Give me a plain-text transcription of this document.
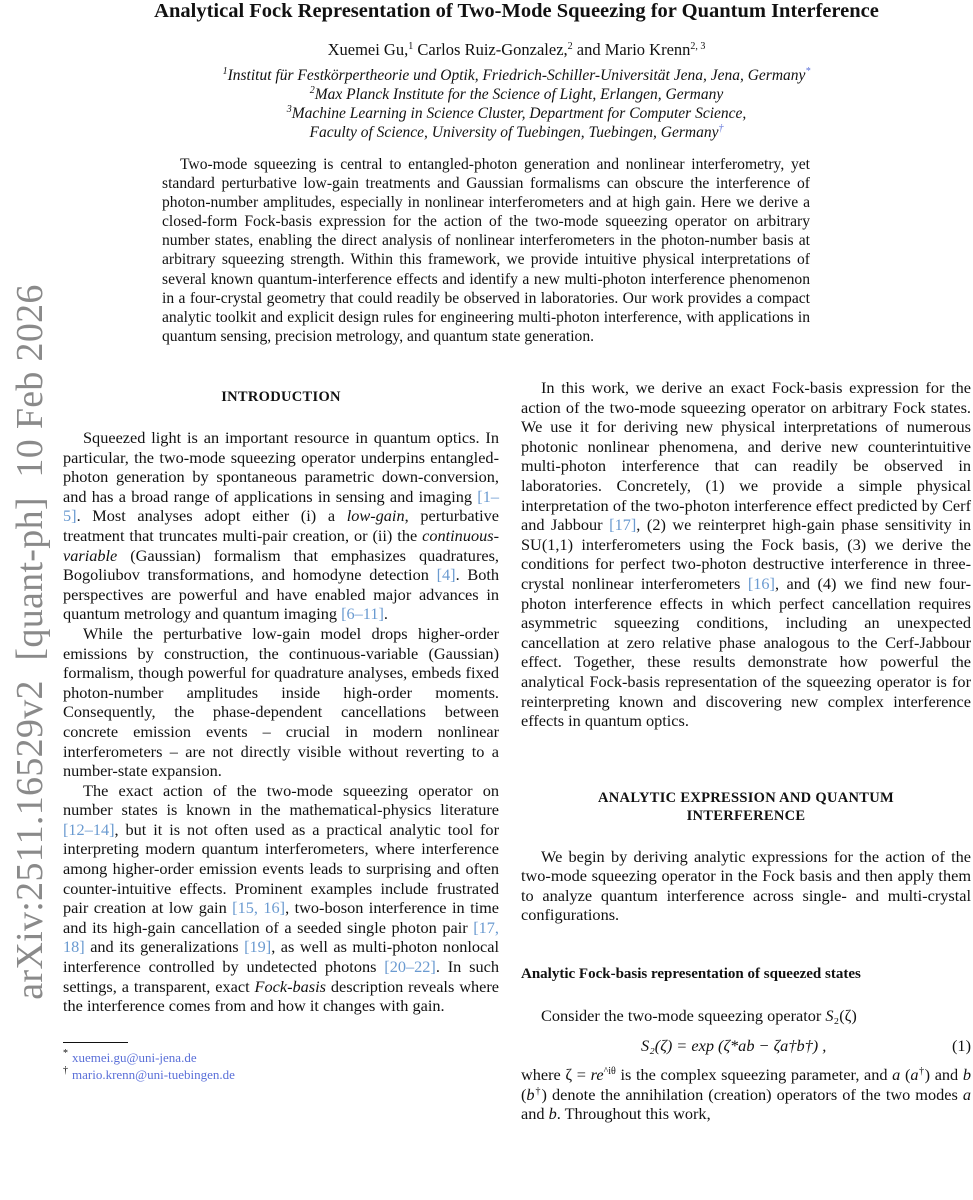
arXiv:2511.16529v2  [quant-ph]  10 Feb 2026
Analytical Fock Representation of Two-Mode Squeezing for Quantum Interference
Xuemei Gu,$^1$ Carlos Ruiz-Gonzalez,$^2$ and Mario Krenn$^{2, 3}$
$^1$Institut für Festkörpertheorie und Optik, Friedrich-Schiller-Universität Jena, Jena, Germany*
$^2$Max Planck Institute for the Science of Light, Erlangen, Germany
$^3$Machine Learning in Science Cluster, Department for Computer Science,
Faculty of Science, University of Tuebingen, Tuebingen, Germany†
Two-mode squeezing is central to entangled-photon generation and nonlinear interferometry, yet standard perturbative low-gain treatments and Gaussian formalisms can obscure the interference of photon-number amplitudes, especially in nonlinear interferometers and at high gain. Here we derive a closed-form Fock-basis expression for the action of the two-mode squeezing operator on arbitrary number states, enabling the direct analysis of nonlinear interferometers in the photon-number basis at arbitrary squeezing strength. Within this framework, we provide intuitive physical interpretations of several known quantum-interference effects and identify a new multi-photon interference phenomenon in a four-crystal geometry that could readily be observed in laboratories. Our work provides a compact analytic toolkit and explicit design rules for engineering multi-photon interference, with applications in quantum sensing, precision metrology, and quantum state generation.
INTRODUCTION

Squeezed light is an important resource in quantum optics. In particular, the two-mode squeezing operator underpins entangled-photon generation by spontaneous parametric down-conversion, and has a broad range of applications in sensing and imaging [1–5]. Most analyses adopt either (i) a low-gain, perturbative treatment that truncates multi-pair creation, or (ii) the continuous-variable (Gaussian) formalism that emphasizes quadratures, Bogoliubov transformations, and homodyne detection [4]. Both perspectives are powerful and have enabled major advances in quantum metrology and quantum imaging [6–11].

While the perturbative low-gain model drops higher-order emissions by construction, the continuous-variable (Gaussian) formalism, though powerful for quadrature analyses, embeds fixed photon-number amplitudes inside high-order moments. Consequently, the phase-dependent cancellations between concrete emission events – crucial in modern nonlinear interferometers – are not directly visible without reverting to a number-state expansion.

The exact action of the two-mode squeezing operator on number states is known in the mathematical-physics literature [12–14], but it is not often used as a practical analytic tool for interpreting modern quantum interferometers, where interference among higher-order emission events leads to surprising and often counter-intuitive effects. Prominent examples include frustrated pair creation at low gain [15, 16], two-boson interference in time and its high-gain cancellation of a seeded single photon pair [17, 18] and its generalizations [19], as well as multi-photon nonlocal interference controlled by undetected photons [20–22]. In such settings, a transparent, exact Fock-basis description reveals where the interference comes from and how it changes with gain.

* xuemei.gu@uni-jena.de
† mario.krenn@uni-tuebingen.de

In this work, we derive an exact Fock-basis expression for the action of the two-mode squeezing operator on arbitrary Fock states. We use it for deriving new physical interpretations of numerous photonic nonlinear phenomena, and derive new counterintuitive multi-photon interference that can readily be observed in laboratories. Concretely, (1) we provide a simple physical interpretation of the two-photon interference effect predicted by Cerf and Jabbour [17], (2) we reinterpret high-gain phase sensitivity in SU(1,1) interferometers using the Fock basis, (3) we derive the conditions for perfect two-photon destructive interference in three-crystal nonlinear interferometers [16], and (4) we find new four-photon interference effects in which perfect cancellation requires asymmetric squeezing conditions, including an unexpected cancellation at zero relative phase analogous to the Cerf-Jabbour effect. Together, these results demonstrate how powerful the analytical Fock-basis representation of the squeezing operator is for reinterpreting known and discovering new complex interference effects in quantum optics.

ANALYTIC EXPRESSION AND QUANTUM INTERFERENCE

We begin by deriving analytic expressions for the action of the two-mode squeezing operator in the Fock basis and then apply them to analyze quantum interference across single- and multi-crystal configurations.

Analytic Fock-basis representation of squeezed states

Consider the two-mode squeezing operator S₂(ζ)

S₂(ζ) = exp (ζ*ab − ζa†b†) ,	(1)

where $\zeta = re^{\^{}i\theta}$ is the complex squeezing parameter, and a (a†) and b (b†) denote the annihilation (creation) operators of the two modes a and b. Throughout this work,
